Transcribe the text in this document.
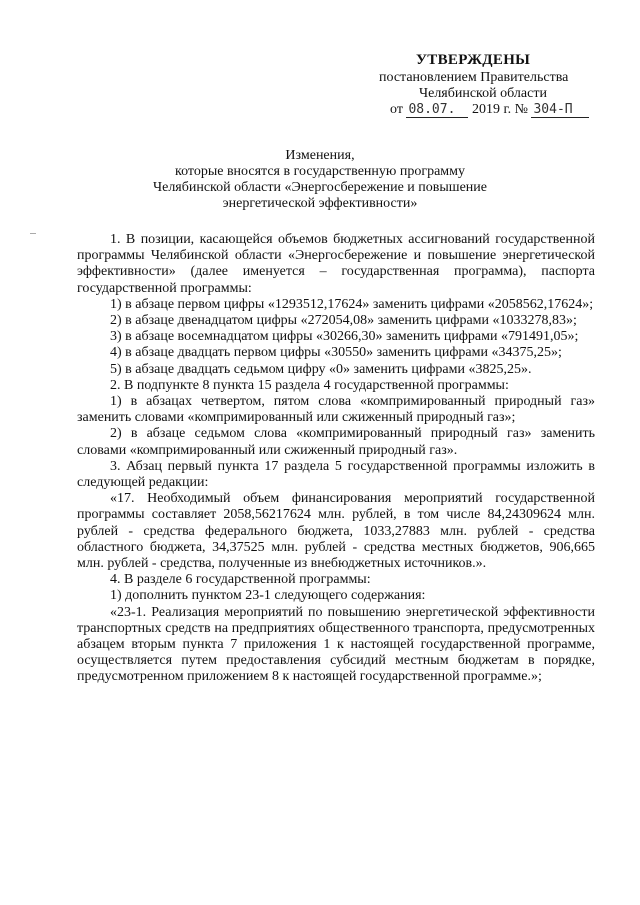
УТВЕРЖДЕНЫ
постановлением Правительства
Челябинской области
от 08.07. 2019 г. № 304-П
Изменения,
которые вносятся в государственную программу
Челябинской области «Энергосбережение и повышение
энергетической эффективности»

1. В позиции, касающейся объемов бюджетных ассигнований государственной программы Челябинской области «Энергосбережение и повышение энергетической эффективности» (далее именуется – государственная программа), паспорта государственной программы:

1) в абзаце первом цифры «1293512,17624» заменить цифрами «2058562,17624»;

2) в абзаце двенадцатом цифры «272054,08» заменить цифрами «1033278,83»;

3) в абзаце восемнадцатом цифры «30266,30» заменить цифрами «791491,05»;

4) в абзаце двадцать первом цифры «30550» заменить цифрами «34375,25»;

5) в абзаце двадцать седьмом цифру «0» заменить цифрами «3825,25».

2. В подпункте 8 пункта 15 раздела 4 государственной программы:

1) в абзацах четвертом, пятом слова «компримированный природный газ» заменить словами «компримированный или сжиженный природный газ»;

2) в абзаце седьмом слова «компримированный природный газ» заменить словами «компримированный или сжиженный природный газ».

3. Абзац первый пункта 17 раздела 5 государственной программы изложить в следующей редакции:

«17. Необходимый объем финансирования мероприятий государственной программы составляет 2058,56217624 млн. рублей, в том числе 84,24309624 млн. рублей - средства федерального бюджета, 1033,27883 млн. рублей - средства областного бюджета, 34,37525 млн. рублей - средства местных бюджетов, 906,665 млн. рублей - средства, полученные из внебюджетных источников.».

4. В разделе 6 государственной программы:

1) дополнить пунктом 23-1 следующего содержания:

«23-1. Реализация мероприятий по повышению энергетической эффективности транспортных средств на предприятиях общественного транспорта, предусмотренных абзацем вторым пункта 7 приложения 1 к настоящей государственной программе, осуществляется путем предоставления субсидий местным бюджетам в порядке, предусмотренном приложением 8 к настоящей государственной программе.»;
